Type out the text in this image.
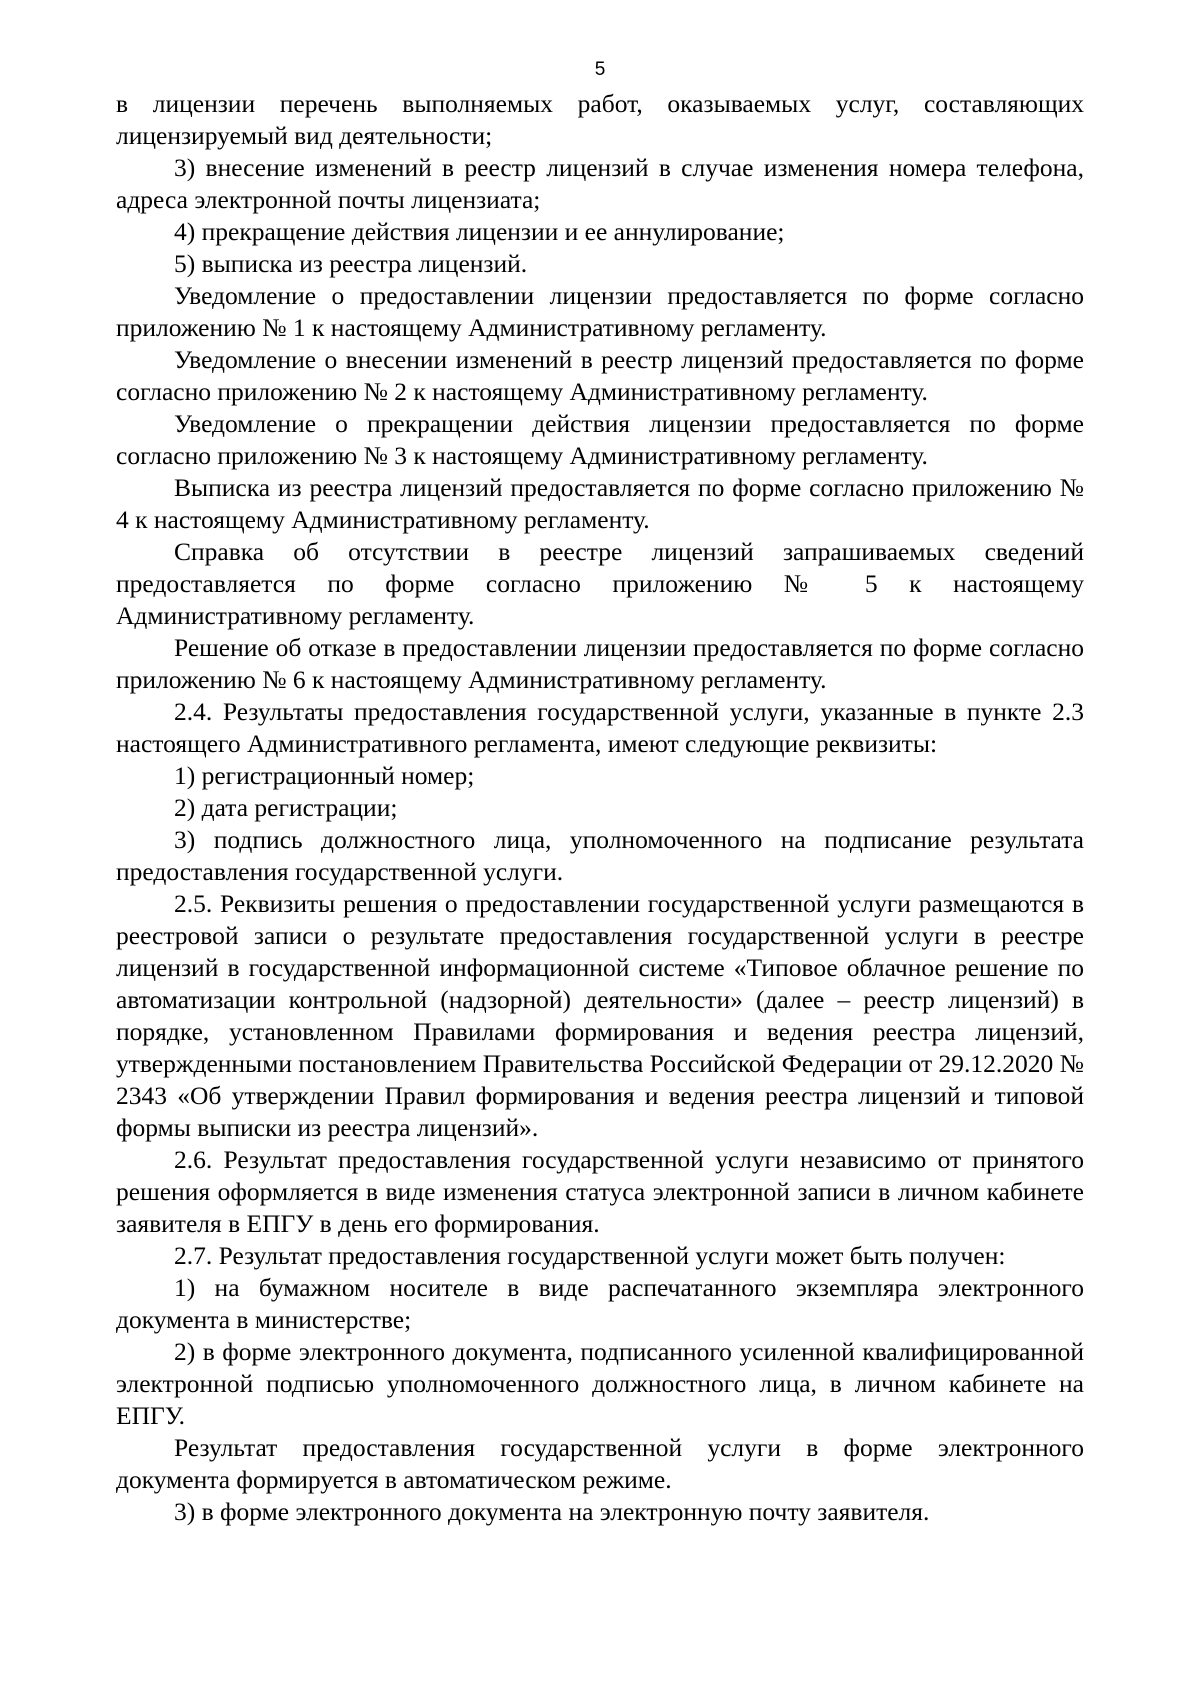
5

в лицензии перечень выполняемых работ, оказываемых услуг, составляющих лицензируемый вид деятельности;

3) внесение изменений в реестр лицензий в случае изменения номера телефона, адреса электронной почты лицензиата;

4) прекращение действия лицензии и ее аннулирование;

5) выписка из реестра лицензий.

Уведомление о предоставлении лицензии предоставляется по форме согласно приложению № 1 к настоящему Административному регламенту.

Уведомление о внесении изменений в реестр лицензий предоставляется по форме согласно приложению № 2 к настоящему Административному регламенту.

Уведомление о прекращении действия лицензии предоставляется по форме согласно приложению № 3 к настоящему Административному регламенту.

Выписка из реестра лицензий предоставляется по форме согласно приложению № 4 к настоящему Административному регламенту.

Справка об отсутствии в реестре лицензий запрашиваемых сведений предоставляется по форме согласно приложению № 5 к настоящему Административному регламенту.

Решение об отказе в предоставлении лицензии предоставляется по форме согласно приложению № 6 к настоящему Административному регламенту.

2.4. Результаты предоставления государственной услуги, указанные в пункте 2.3 настоящего Административного регламента, имеют следующие реквизиты:

1) регистрационный номер;

2) дата регистрации;

3) подпись должностного лица, уполномоченного на подписание результата предоставления государственной услуги.

2.5. Реквизиты решения о предоставлении государственной услуги размещаются в реестровой записи о результате предоставления государственной услуги в реестре лицензий в государственной информационной системе «Типовое облачное решение по автоматизации контрольной (надзорной) деятельности» (далее – реестр лицензий) в порядке, установленном Правилами формирования и ведения реестра лицензий, утвержденными постановлением Правительства Российской Федерации от 29.12.2020 № 2343 «Об утверждении Правил формирования и ведения реестра лицензий и типовой формы выписки из реестра лицензий».

2.6. Результат предоставления государственной услуги независимо от принятого решения оформляется в виде изменения статуса электронной записи в личном кабинете заявителя в ЕПГУ в день его формирования.

2.7. Результат предоставления государственной услуги может быть получен:

1) на бумажном носителе в виде распечатанного экземпляра электронного документа в министерстве;

2) в форме электронного документа, подписанного усиленной квалифицированной электронной подписью уполномоченного должностного лица, в личном кабинете на ЕПГУ.

Результат предоставления государственной услуги в форме электронного документа формируется в автоматическом режиме.

3) в форме электронного документа на электронную почту заявителя.
